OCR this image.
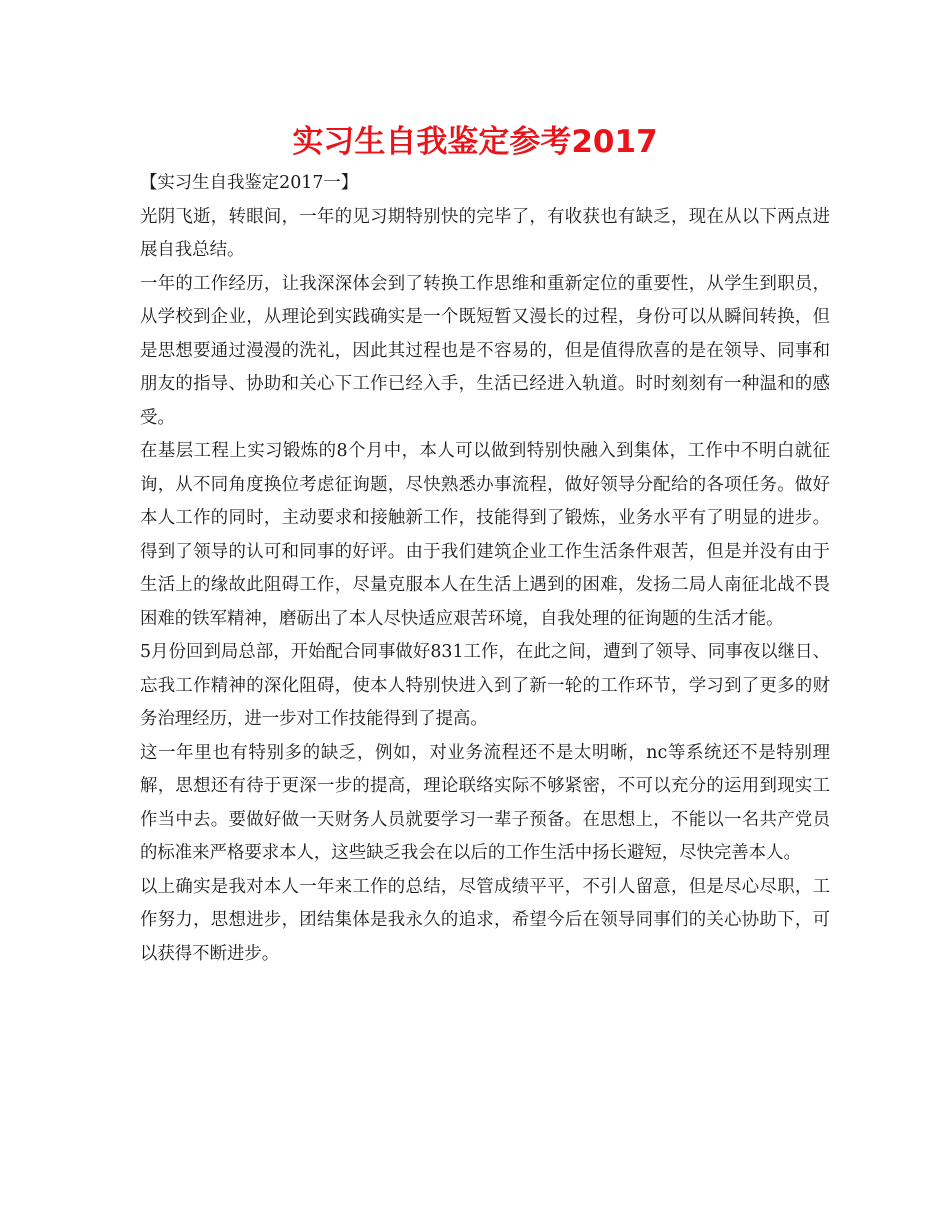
实习生自我鉴定参考2017

【实习生自我鉴定2017一】

光阴飞逝，转眼间，一年的见习期特别快的完毕了，有收获也有缺乏，现在从以下两点进展自我总结。

一年的工作经历，让我深深体会到了转换工作思维和重新定位的重要性，从学生到职员，从学校到企业，从理论到实践确实是一个既短暂又漫长的过程，身份可以从瞬间转换，但是思想要通过漫漫的洗礼，因此其过程也是不容易的，但是值得欣喜的是在领导、同事和朋友的指导、协助和关心下工作已经入手，生活已经进入轨道。时时刻刻有一种温和的感受。

在基层工程上实习锻炼的8个月中，本人可以做到特别快融入到集体，工作中不明白就征询，从不同角度换位考虑征询题，尽快熟悉办事流程，做好领导分配给的各项任务。做好本人工作的同时，主动要求和接触新工作，技能得到了锻炼，业务水平有了明显的进步。得到了领导的认可和同事的好评。由于我们建筑企业工作生活条件艰苦，但是并没有由于生活上的缘故此阻碍工作，尽量克服本人在生活上遇到的困难，发扬二局人南征北战不畏困难的铁军精神，磨砺出了本人尽快适应艰苦环境，自我处理的征询题的生活才能。

5月份回到局总部，开始配合同事做好831工作，在此之间，遭到了领导、同事夜以继日、忘我工作精神的深化阻碍，使本人特别快进入到了新一轮的工作环节，学习到了更多的财务治理经历，进一步对工作技能得到了提高。

这一年里也有特别多的缺乏，例如，对业务流程还不是太明晰，nc等系统还不是特别理解，思想还有待于更深一步的提高，理论联络实际不够紧密，不可以充分的运用到现实工作当中去。要做好做一天财务人员就要学习一辈子预备。在思想上，不能以一名共产党员的标准来严格要求本人，这些缺乏我会在以后的工作生活中扬长避短，尽快完善本人。

以上确实是我对本人一年来工作的总结，尽管成绩平平，不引人留意，但是尽心尽职，工作努力，思想进步，团结集体是我永久的追求，希望今后在领导同事们的关心协助下，可以获得不断进步。
